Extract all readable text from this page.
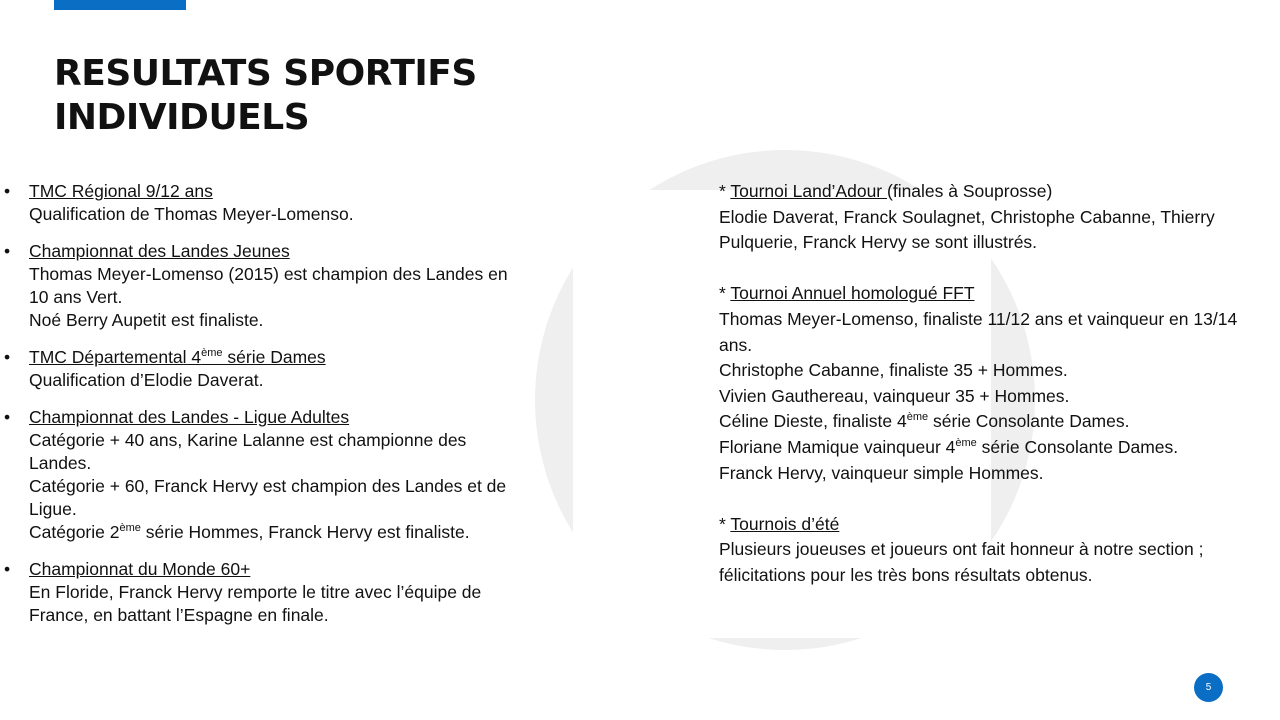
RESULTATS SPORTIFS
INDIVIDUELS
• TMC Régional 9/12 ans
Qualification de Thomas Meyer-Lomenso.
• Championnat des Landes Jeunes
Thomas Meyer-Lomenso (2015) est champion des Landes en 10 ans Vert.
Noé Berry Aupetit est finaliste.
• TMC Départemental 4ème série Dames
Qualification d’Elodie Daverat.
• Championnat des Landes - Ligue Adultes
Catégorie + 40 ans, Karine Lalanne est championne des Landes.
Catégorie + 60, Franck Hervy est champion des Landes et de Ligue.
Catégorie 2ème série Hommes, Franck Hervy est finaliste.
• Championnat du Monde 60+
En Floride, Franck Hervy remporte le titre avec l’équipe de France, en battant l’Espagne en finale.
* Tournoi Land’Adour (finales à Souprosse)
Elodie Daverat, Franck Soulagnet, Christophe Cabanne, Thierry Pulquerie, Franck Hervy se sont illustrés.
* Tournoi Annuel homologué FFT
Thomas Meyer-Lomenso, finaliste 11/12 ans et vainqueur en 13/14 ans.
Christophe Cabanne, finaliste 35 + Hommes.
Vivien Gauthereau, vainqueur 35 + Hommes.
Céline Dieste, finaliste 4ème série Consolante Dames.
Floriane Mamique vainqueur 4ème série Consolante Dames.
Franck Hervy, vainqueur simple Hommes.
* Tournois d’été
Plusieurs joueuses et joueurs ont fait honneur à notre section ; félicitations pour les très bons résultats obtenus.
5
